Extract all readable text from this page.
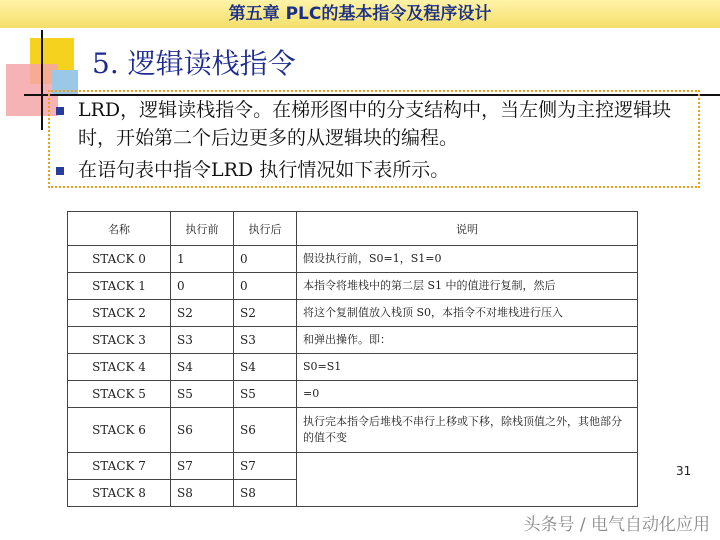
第五章 PLC的基本指令及程序设计
5. 逻辑读栈指令
LRD，逻辑读栈指令。在梯形图中的分支结构中，当左侧为主控逻辑块时，开始第二个后边更多的从逻辑块的编程。
在语句表中指令LRD 执行情况如下表所示。
名称	执行前	执行后	说明
STACK 0	1	0	假设执行前，S0=1，S1=0
STACK 1	0	0	本指令将堆栈中的第二层 S1 中的值进行复制，然后
STACK 2	S2	S2	将这个复制值放入栈顶 S0，本指令不对堆栈进行压入
STACK 3	S3	S3	和弹出操作。即：
STACK 4	S4	S4	S0=S1
STACK 5	S5	S5	=0
STACK 6	S6	S6	执行完本指令后堆栈不串行上移或下移，除栈顶值之外，其他部分的值不变
STACK 7	S7	S7	
STACK 8	S8	S8	
31
头条号 / 电气自动化应用
